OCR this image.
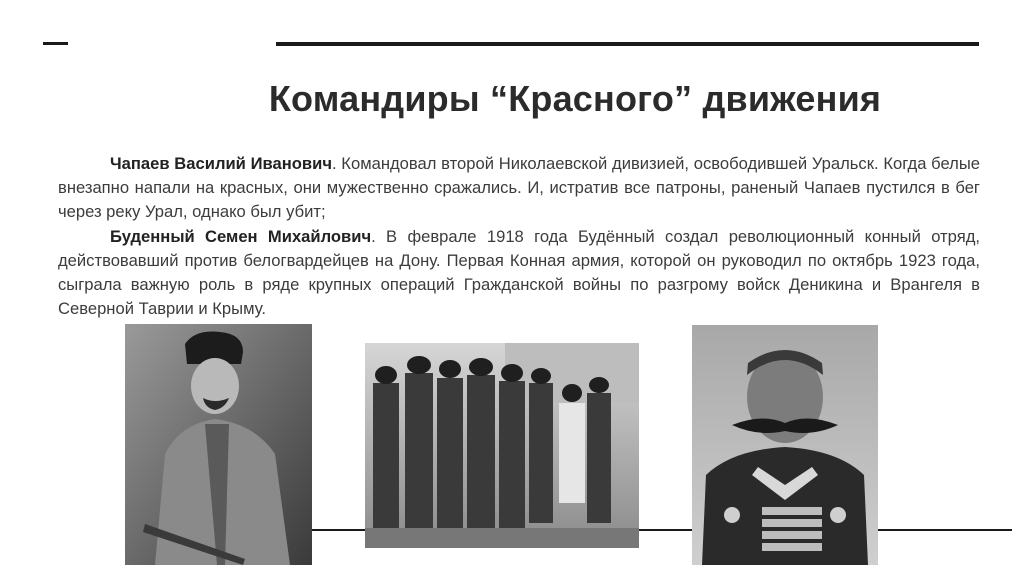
Командиры “Красного” движения

Чапаев Василий Иванович. Командовал второй Николаевской дивизией, освободившей Уральск. Когда белые внезапно напали на красных, они мужественно сражались. И, истратив все патроны, раненый Чапаев пустился в бег через реку Урал, однако был убит;

Буденный Семен Михайлович. В феврале 1918 года Будённый создал революционный конный отряд, действовавший против белогвардейцев на Дону. Первая Конная армия, которой он руководил по октябрь 1923 года, сыграла важную роль в ряде крупных операций Гражданской войны по разгрому войск Деникина и Врангеля в Северной Таврии и Крыму.
